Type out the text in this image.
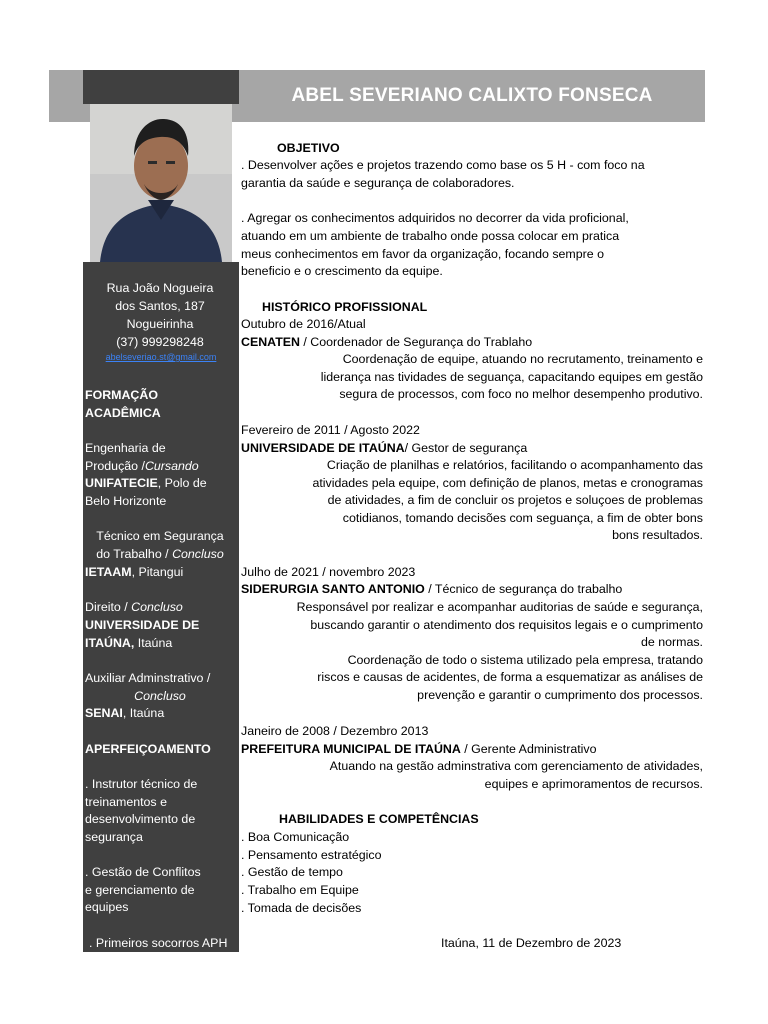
ABEL SEVERIANO CALIXTO FONSECA
Rua João Nogueira
dos Santos, 187
Nogueirinha
(37) 999298248
abelseveriao.st@gmail.com
FORMAÇÃO
ACADÊMICA
Engenharia de
Produção /Cursando
UNIFATECIE, Polo de
Belo Horizonte
Técnico em Segurança
do Trabalho / Concluso
IETAAM, Pitangui
Direito / Concluso
UNIVERSIDADE DE
ITAÚNA, Itaúna
Auxiliar Adminstrativo /
Concluso
SENAI, Itaúna
APERFEIÇOAMENTO
. Instrutor técnico de
treinamentos e
desenvolvimento de
segurança
. Gestão de Conflitos
e gerenciamento de
equipes
. Primeiros socorros APH
OBJETIVO
. Desenvolver ações e projetos trazendo como base os 5 H - com foco na
garantia da saúde e segurança de colaboradores.
. Agregar os conhecimentos adquiridos no decorrer da vida proficional,
atuando em um ambiente de trabalho onde possa colocar em pratica
meus conhecimentos em favor da organização, focando sempre o
beneficio e o crescimento da equipe.
HISTÓRICO PROFISSIONAL
Outubro de 2016/Atual
CENATEN / Coordenador de Segurança do Trablaho
Coordenação de equipe, atuando no recrutamento, treinamento e
liderança nas tividades de seguança, capacitando equipes em gestão
segura de processos, com foco no melhor desempenho produtivo.
Fevereiro de 2011 / Agosto 2022
UNIVERSIDADE DE ITAÚNA/ Gestor de segurança
Criação de planilhas e relatórios, facilitando o acompanhamento das
atividades pela equipe, com definição de planos, metas e cronogramas
de atividades, a fim de concluir os projetos e soluçoes de problemas
cotidianos, tomando decisões com seguança, a fim de obter bons
bons resultados.
Julho de 2021 / novembro 2023
SIDERURGIA SANTO ANTONIO / Técnico de segurança do trabalho
Responsável por realizar e acompanhar auditorias de saúde e segurança,
buscando garantir o atendimento dos requisitos legais e o cumprimento
de normas.
Coordenação de todo o sistema utilizado pela empresa, tratando
riscos e causas de acidentes, de forma a esquematizar as análises de
prevenção e garantir o cumprimento dos processos.
Janeiro de 2008 / Dezembro 2013
PREFEITURA MUNICIPAL DE ITAÚNA / Gerente Administrativo
Atuando na gestão adminstrativa com gerenciamento de atividades,
equipes e aprimoramentos de recursos.
HABILIDADES E COMPETÊNCIAS
. Boa Comunicação
. Pensamento estratégico
. Gestão de tempo
. Trabalho em Equipe
. Tomada de decisões
Itaúna, 11 de Dezembro de 2023
